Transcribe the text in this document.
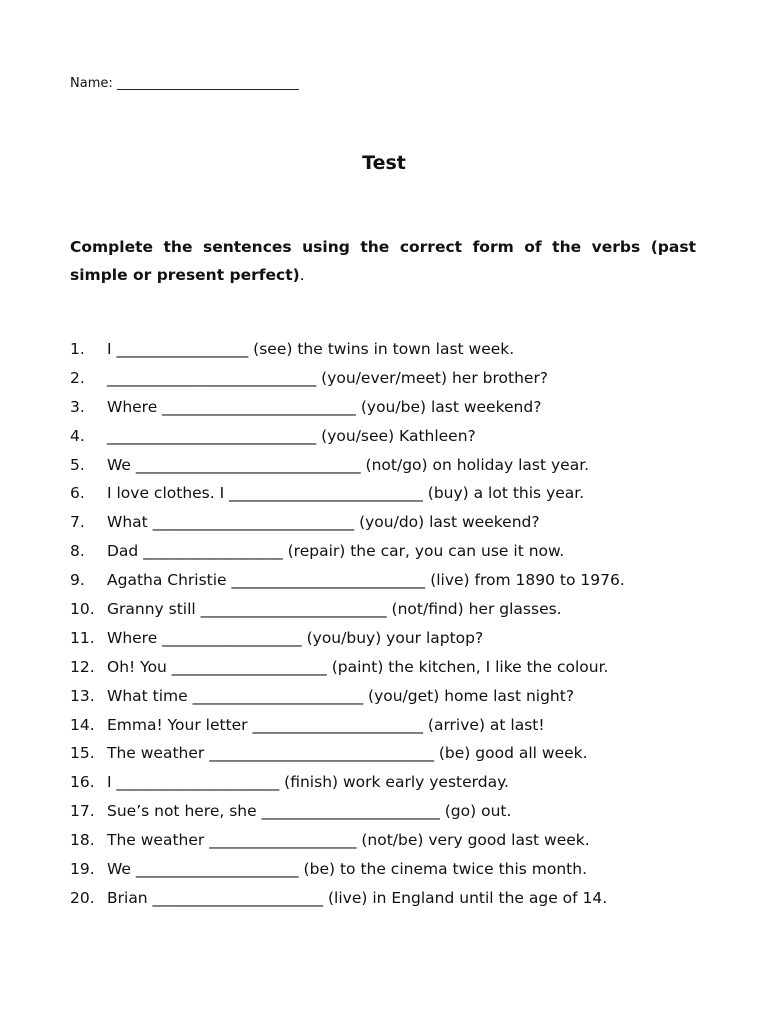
Name: ____________________________
Test
Complete the sentences using the correct form of the verbs (past simple or present perfect).
1. I _________________ (see) the twins in town last week.
2. ___________________________ (you/ever/meet) her brother?
3. Where _________________________ (you/be) last weekend?
4. ___________________________ (you/see) Kathleen?
5. We _____________________________ (not/go) on holiday last year.
6. I love clothes. I _________________________ (buy) a lot this year.
7. What __________________________ (you/do) last weekend?
8. Dad __________________ (repair) the car, you can use it now.
9. Agatha Christie _________________________ (live) from 1890 to 1976.
10. Granny still ________________________ (not/find) her glasses.
11. Where __________________ (you/buy) your laptop?
12. Oh! You ____________________ (paint) the kitchen, I like the colour.
13. What time ______________________ (you/get) home last night?
14. Emma! Your letter ______________________ (arrive) at last!
15. The weather _____________________________ (be) good all week.
16. I _____________________ (finish) work early yesterday.
17. Sue’s not here, she _______________________ (go) out.
18. The weather ___________________ (not/be) very good last week.
19. We _____________________ (be) to the cinema twice this month.
20. Brian ______________________ (live) in England until the age of 14.
